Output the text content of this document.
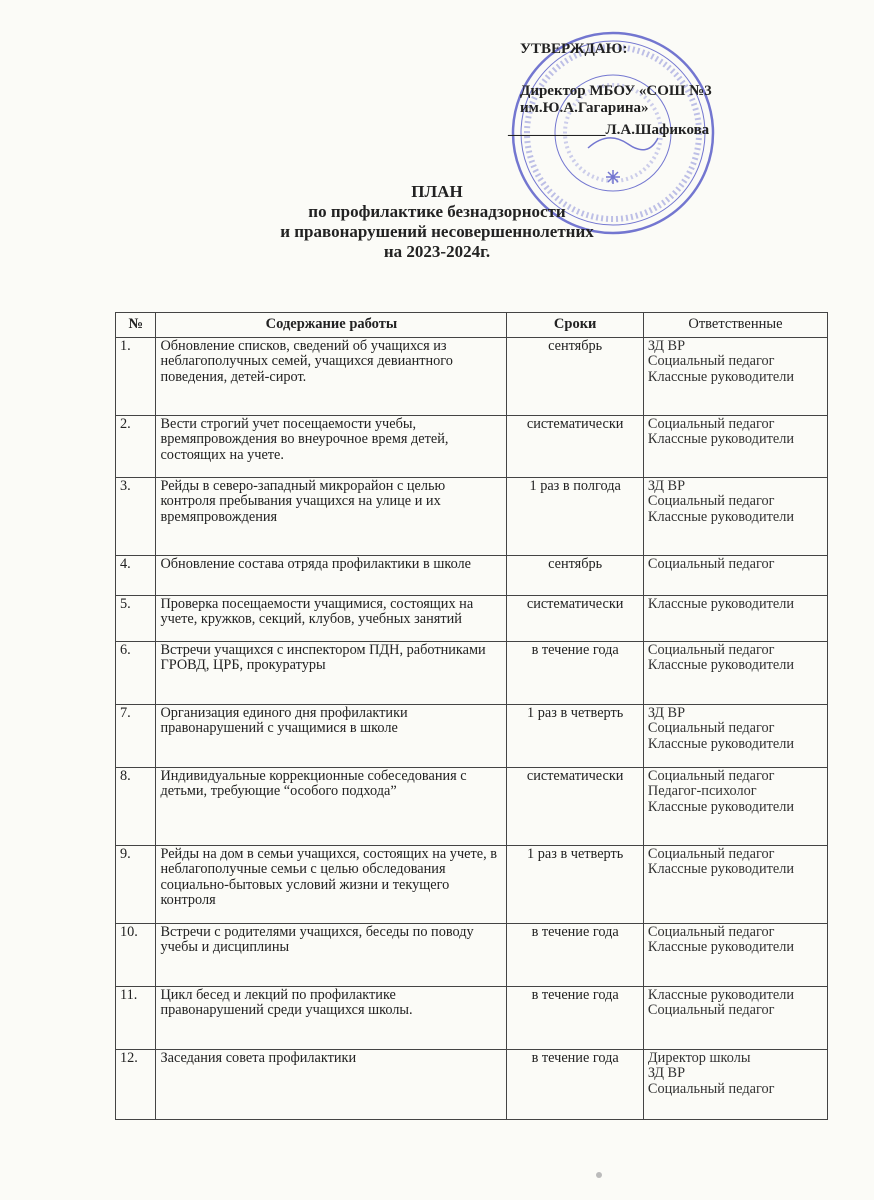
УТВЕРЖДАЮ:
Директор МБОУ «СОШ №3
им.Ю.А.Гагарина»
_____________Л.А.Шафикова
ПЛАН
по профилактике безнадзорности
и правонарушений несовершеннолетних
на 2023-2024г.
№	Содержание работы	Сроки	Ответственные
1.	Обновление списков, сведений об учащихся из неблагополучных семей, учащихся девиантного поведения, детей-сирот.	сентябрь	ЗД ВР
Социальный педагог
Классные руководители

2.	Вести строгий учет посещаемости учебы, времяпровождения во внеурочное время детей, состоящих на учете.	систематически	Социальный педагог
Классные руководители

3.	Рейды в северо-западный микрорайон с целью контроля пребывания учащихся на улице и их времяпровождения	1 раз в полгода	ЗД ВР
Социальный педагог
Классные руководители

4.	Обновление состава отряда профилактики в школе	сентябрь	Социальный педагог

5.	Проверка посещаемости учащимися, состоящих на учете, кружков, секций, клубов, учебных занятий	систематически	Классные руководители

6.	Встречи учащихся с инспектором ПДН, работниками ГРОВД, ЦРБ, прокуратуры	в течение года	Социальный педагог
Классные руководители

7.	Организация единого дня профилактики правонарушений с учащимися в школе	1 раз в четверть	ЗД ВР
Социальный педагог
Классные руководители

8.	Индивидуальные коррекционные собеседования с детьми, требующие “особого подхода”	систематически	Социальный педагог
Педагог-психолог
Классные руководители

9.	Рейды на дом в семьи учащихся, состоящих на учете, в неблагополучные семьи с целью обследования социально-бытовых условий жизни и текущего контроля	1 раз в четверть	Социальный педагог
Классные руководители

10.	Встречи с родителями учащихся, беседы по поводу учебы и дисциплины	в течение года	Социальный педагог
Классные руководители

11.	Цикл бесед и лекций по профилактике правонарушений среди учащихся школы.	в течение года	Классные руководители
Социальный педагог

12.	Заседания совета профилактики	в течение года	Директор школы
ЗД ВР
Социальный педагог
